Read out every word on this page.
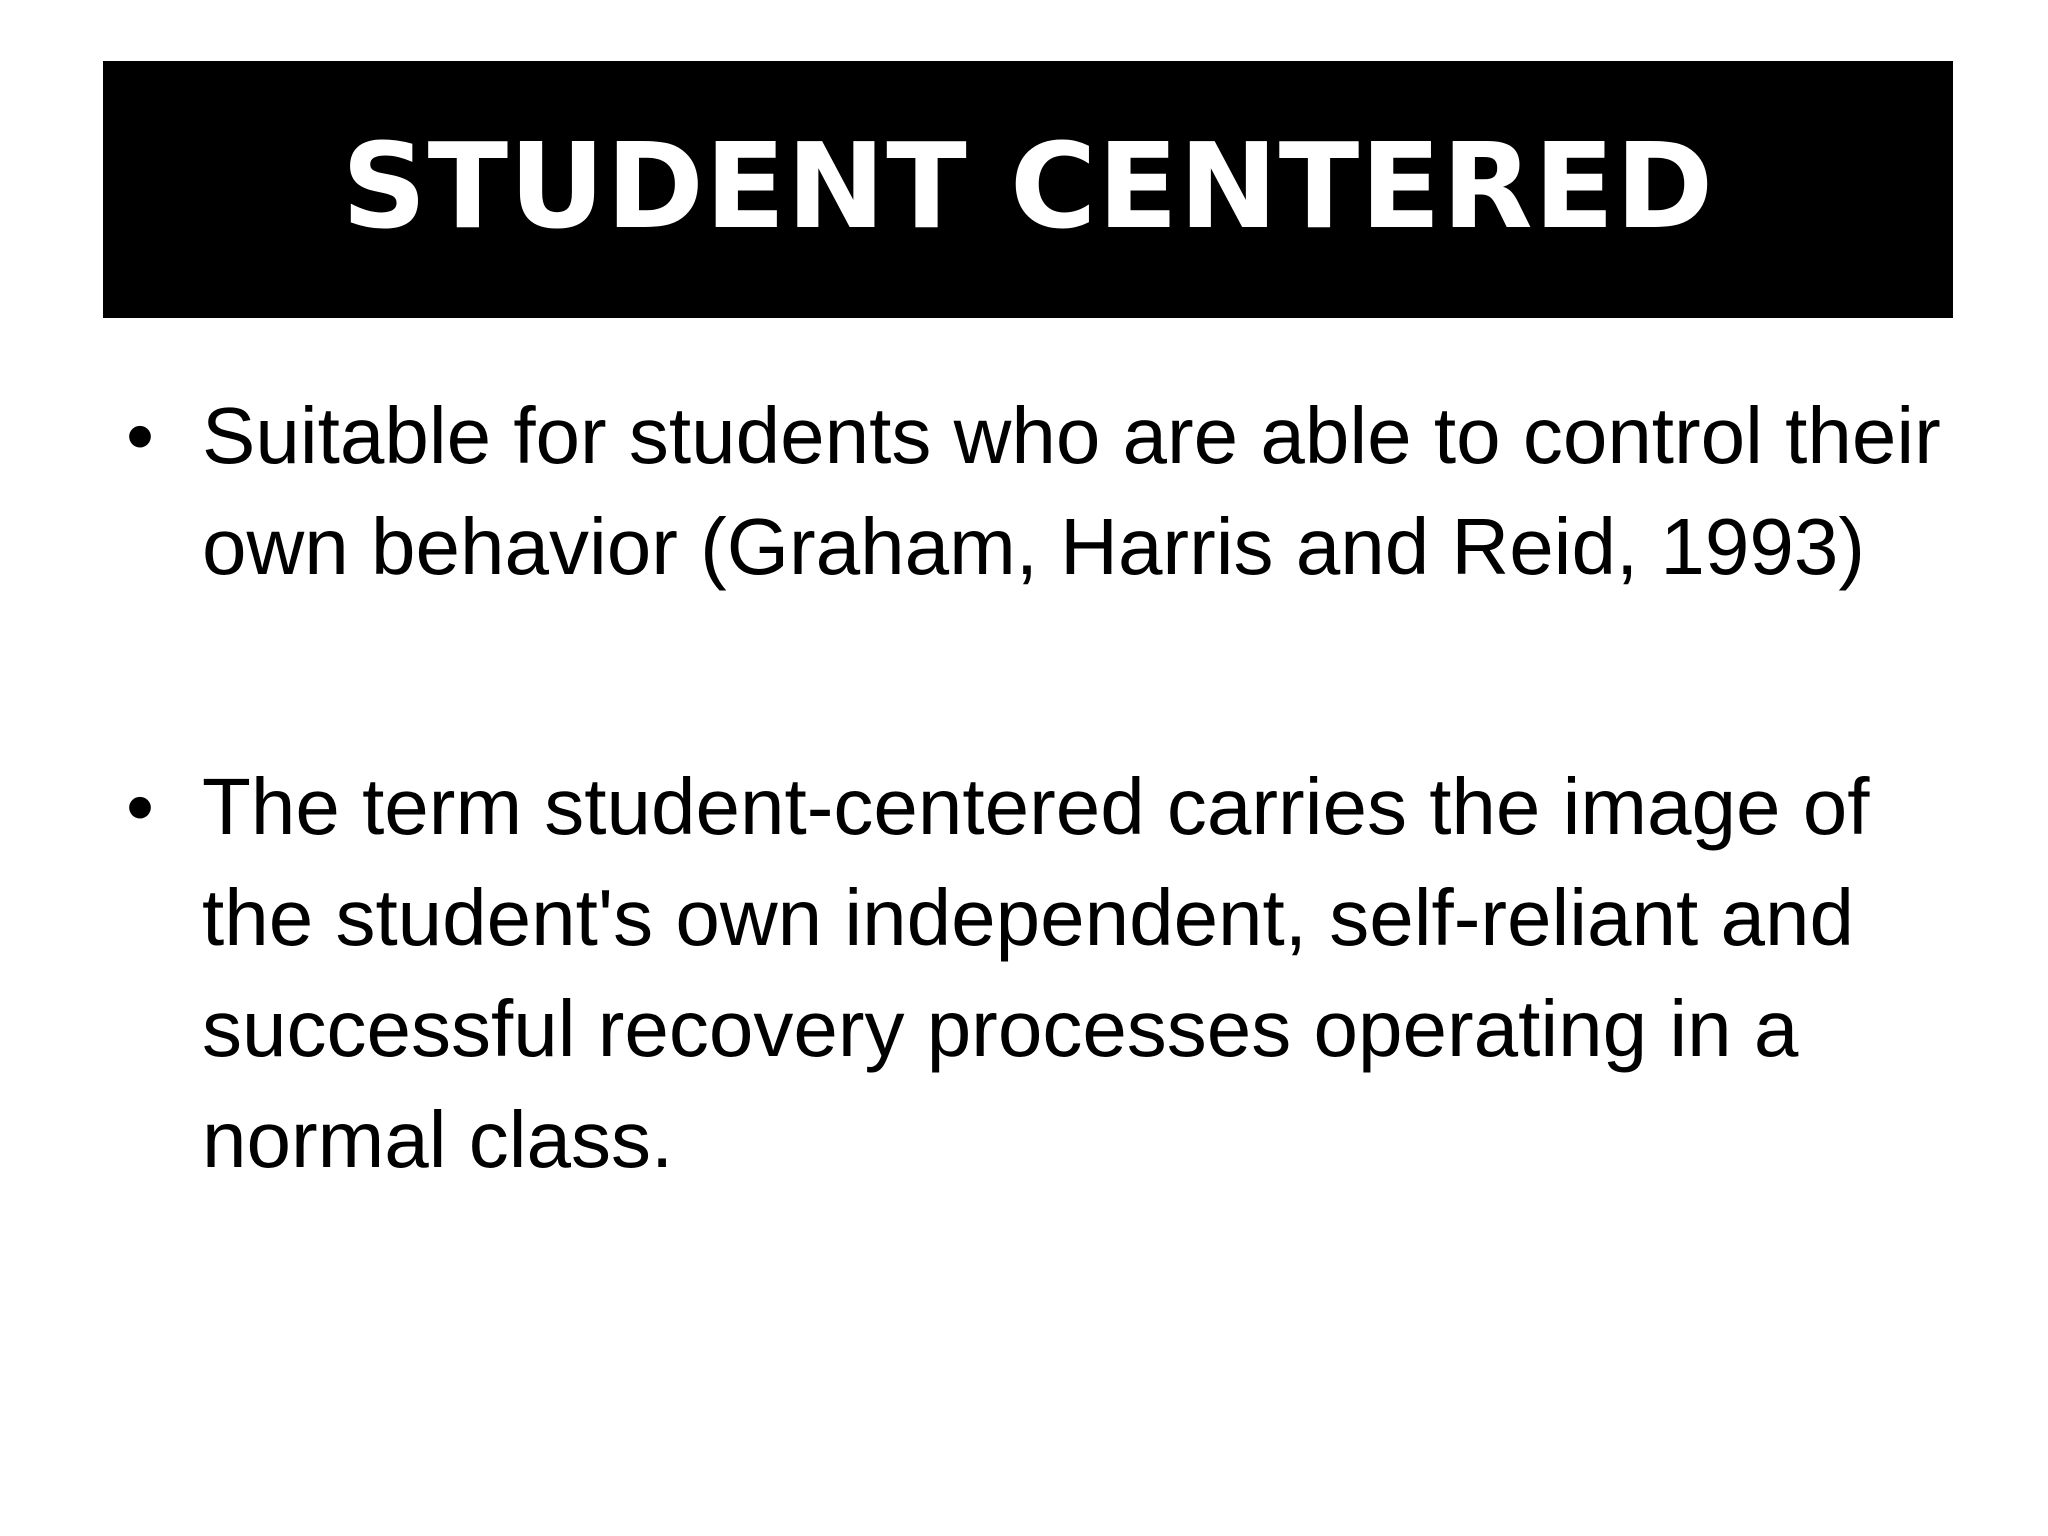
STUDENT CENTERED
• Suitable for students who are able to control their own behavior (Graham, Harris and Reid, 1993)
• The term student-centered carries the image of the student's own independent, self-reliant and successful recovery processes operating in a normal class.
